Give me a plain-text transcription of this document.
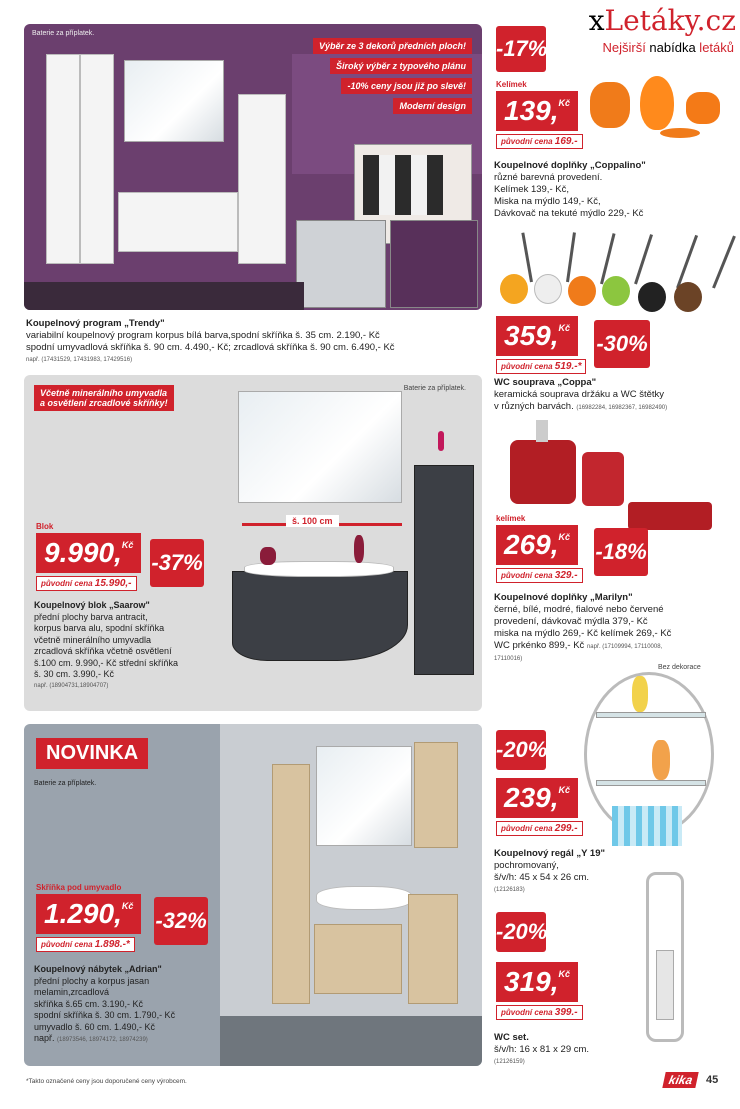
xLetáky.cz
Nejširší nabídka letáků
Baterie za příplatek.
Výběr ze 3 dekorů předních ploch!
Široký výběr z typového plánu
-10% ceny jsou již po slevě!
Moderní design
Koupelnový program „Trendy"
variabilní koupelnový program korpus bílá barva,spodní skříňka š. 35 cm. 2.190,- Kč
spodní umyvadlová skříňka š. 90 cm. 4.490,- Kč; zrcadlová skříňka š. 90 cm. 6.490,- Kč
např. (17431529, 17431983, 17429516)
Baterie za příplatek.
Včetně minerálního umyvadla
a osvětlení zrcadlové skříňky!
š. 100 cm
Blok
9.990,$^{Kč}$
původní cena 15.990,-
-37%
Koupelnový blok „Saarow"
přední plochy barva antracit,
korpus barva alu, spodní skříňka
včetně minerálního umyvadla
zrcadlová skříňka včetně osvětlení
š.100 cm. 9.990,- Kč střední skříňka
š. 30 cm. 3.990,- Kč
např. (18904731,18904707)
NOVINKA
Baterie za příplatek.
Skříňka pod umyvadlo
1.290,$^{Kč}$
původní cena 1.898.-*
-32%
Koupelnový nábytek „Adrian"
přední plochy a korpus jasan
melamin,zrcadlová
skříňka š.65 cm. 3.190,- Kč
spodní skříňka š. 30 cm. 1.790,- Kč
umyvadlo š. 60 cm. 1.490,- Kč
např. (18973546, 18974172, 18974239)
-17%
Kelímek
139,$^{Kč}$
původní cena 169.-
Koupelnové doplňky „Coppalino"
různé barevná provedení.
Kelímek 139,- Kč,
Miska na mýdlo 149,- Kč,
Dávkovač na tekuté mýdlo 229,- Kč
359,$^{Kč}$
původní cena 519.-*
-30%
WC souprava „Coppa"
keramická souprava držáku a WC štětky
v různých barvách. (16982284, 16982367, 16982490)
kelímek
269,$^{Kč}$
původní cena 329.-
-18%
Koupelnové doplňky „Marilyn"
černé, bílé, modré, fialové nebo červené
provedení, dávkovač mýdla 379,- Kč
miska na mýdlo 269,- Kč kelímek 269,- Kč
WC prkénko 899,- Kč např. (17109994, 17110008,
17110016)
Bez dekorace
-20%
239,$^{Kč}$
původní cena 299.-
Koupelnový regál „Y 19"
pochromovaný,
š/v/h: 45 x 54 x 26 cm.
(12126183)
-20%
319,$^{Kč}$
původní cena 399.-
WC set.
š/v/h: 16 x 81 x 29 cm.
(12126159)
*Takto označené ceny jsou doporučené ceny výrobcem.	kika	45
